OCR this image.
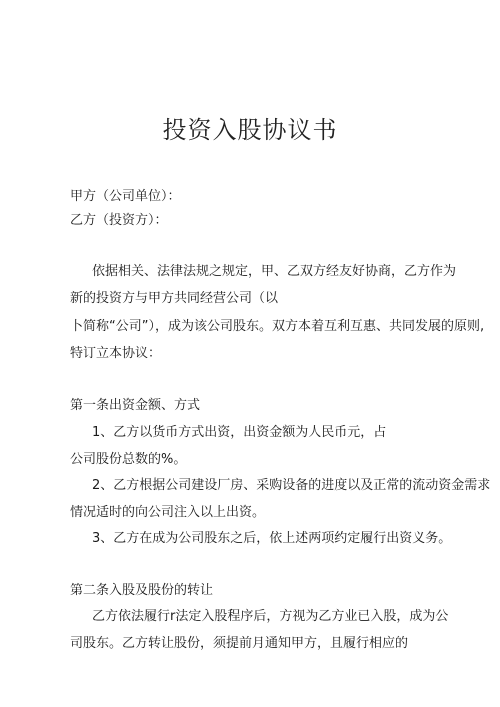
投资入股协议书
甲方（公司单位）：
乙方（投资方）：
依据相关、法律法规之规定，甲、乙双方经友好协商，乙方作为
新的投资方与甲方共同经营公司（以
卜简称“公司”），成为该公司股东。双方本着互利互惠、共同发展的原则,
特订立本协议：
第一条出资金额、方式
1、乙方以货币方式出资，出资金额为人民币元，占
公司股份总数的%。
2、乙方根据公司建设厂房、采购设备的进度以及正常的流动资金需求
情况适时的向公司注入以上出资。
3、乙方在成为公司股东之后，依上述两项约定履行出资义务。
第二条入股及股份的转让
乙方依法履行r法定入股程序后，方视为乙方业已入股，成为公
司股东。乙方转让股份，须提前月通知甲方，且履行相应的
